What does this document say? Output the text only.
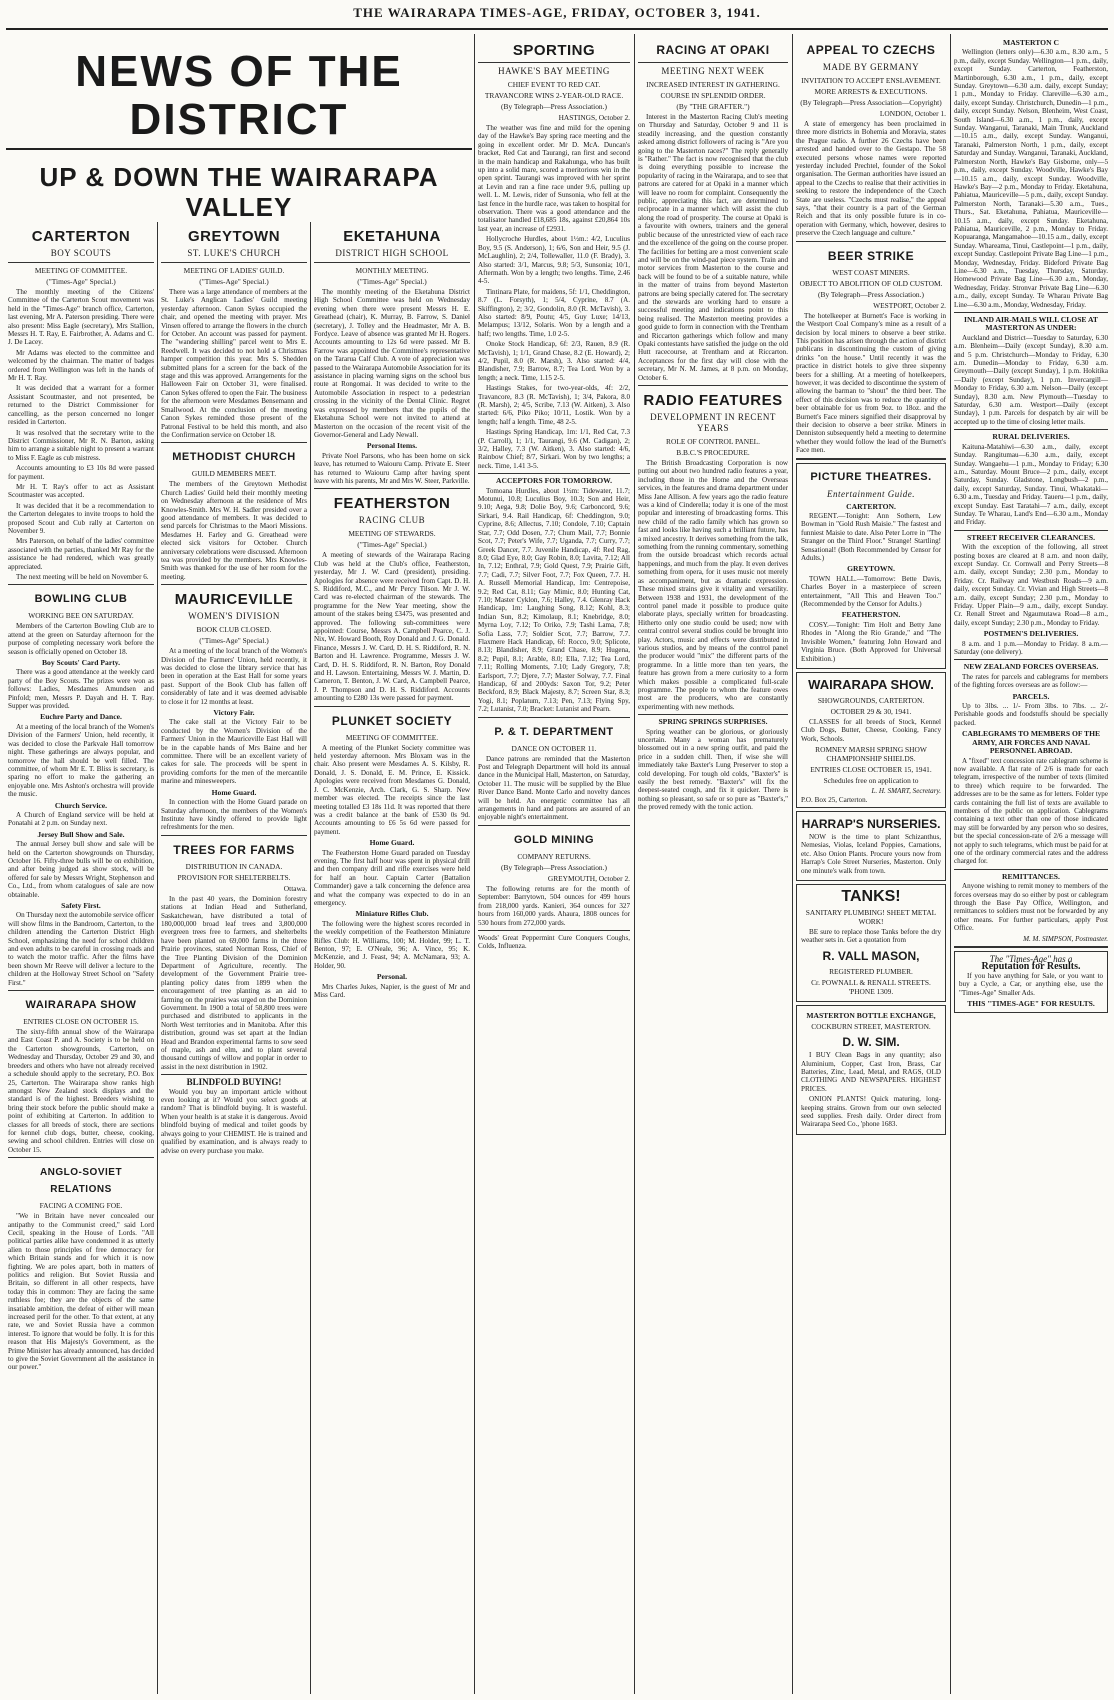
THE WAIRARAPA TIMES-AGE, FRIDAY, OCTOBER 3, 1941.
NEWS OF THE DISTRICT
UP & DOWN THE WAIRARAPA VALLEY
CARTERTON
BOY SCOUTS
MEETING OF COMMITTEE.
("Times-Age" Special.)

The monthly meeting of the Citizens' Committee of the Carterton Scout movement was held in the "Times-Age" branch office, Carterton, last evening, Mr A. Paterson presiding. There were also present: Miss Eagle (secretary), Mrs Stallion, Messrs H. T. Ray, E. Fairbrother, A. Adams and C. J. De Lacey.

Mr Adams was elected to the committee and welcomed by the chairman. The matter of badges ordered from Wellington was left in the hands of Mr H. T. Ray.

It was decided that a warrant for a former Assistant Scoutmaster, and not presented, be returned to the District Commissioner for cancelling, as the person concerned no longer resided in Carterton.

It was resolved that the secretary write to the District Commissioner, Mr R. N. Barton, asking him to arrange a suitable night to present a warrant to Miss F. Eagle as cub mistress.

Accounts amounting to £3 10s 8d were passed for payment.

Mr H. T. Ray's offer to act as Assistant Scoutmaster was accepted.

It was decided that it be a recommendation to the Carterton delegates to invite troops to hold the proposed Scout and Cub rally at Carterton on November 9.

Mrs Paterson, on behalf of the ladies' committee associated with the parties, thanked Mr Ray for the assistance he had rendered, which was greatly appreciated.

The next meeting will be held on November 6.

BOWLING CLUB
WORKING BEE ON SATURDAY.

Members of the Carterton Bowling Club are to attend at the green on Saturday afternoon for the purpose of completing necessary work before the season is officially opened on October 18.

Boy Scouts' Card Party.

There was a good attendance at the weekly card party of the Boy Scouts. The prizes were won as follows: Ladies, Mesdames Amundsen and Pinfold; men, Messrs P. Dayah and H. T. Ray. Supper was provided.

Euchre Party and Dance.

At a meeting of the local branch of the Women's Division of the Farmers' Union, held recently, it was decided to close the Parkvale Hall tomorrow night. These gatherings are always popular, and tomorrow the hall should be well filled. The committee, of whom Mr E. T. Bliss is secretary, is sparing no effort to make the gathering an enjoyable one. Mrs Ashton's orchestra will provide the music.

Church Service.

A Church of England service will be held at Ponatahi at 2 p.m. on Sunday next.

Jersey Bull Show and Sale.

The annual Jersey bull show and sale will be held on the Carterton showgrounds on Thursday, October 16. Fifty-three bulls will be on exhibition, and after being judged as show stock, will be offered for sale by Messrs Wright, Stephenson and Co., Ltd., from whom catalogues of sale are now obtainable.

Safety First.

On Thursday next the automobile service officer will show films in the Bandroom, Carterton, to the children attending the Carterton District High School, emphasizing the need for school children and even adults to be careful in crossing roads and to watch the motor traffic. After the films have been shown Mr Reeve will deliver a lecture to the children at the Holloway Street School on "Safety First."

WAIRARAPA SHOW
ENTRIES CLOSE ON OCTOBER 15.

The sixty-fifth annual show of the Wairarapa and East Coast P. and A. Society is to be held on the Carterton showgrounds, Carterton, on Wednesday and Thursday, October 29 and 30, and breeders and others who have not already received a schedule should apply to the secretary, P.O. Box 25, Carterton. The Wairarapa show ranks high amongst New Zealand stock displays and the standard is of the highest. Breeders wishing to bring their stock before the public should make a point of exhibiting at Carterton. In addition to classes for all breeds of stock, there are sections for kennel club dogs, butter, cheese, cooking, sewing and school children. Entries will close on October 15.

ANGLO-SOVIET RELATIONS
FACING A COMING FOE.

"We in Britain have never concealed our antipathy to the Communist creed," said Lord Cecil, speaking in the House of Lords. "All political parties alike have condemned it as utterly alien to those principles of free democracy for which Britain stands and for which it is now fighting. We are poles apart, both in matters of politics and religion. But Soviet Russia and Britain, so different in all other respects, have today this in common: They are facing the same ruthless foe; they are the objects of the same insatiable ambition, the defeat of either will mean increased peril for the other. To that extent, at any rate, we and Soviet Russia have a common interest. To ignore that would be folly. It is for this reason that His Majesty's Government, as the Prime Minister has already announced, has decided to give the Soviet Government all the assistance in our power."

GREYTOWN
ST. LUKE'S CHURCH
MEETING OF LADIES' GUILD.
("Times-Age" Special.)

There was a large attendance of members at the St. Luke's Anglican Ladies' Guild meeting yesterday afternoon. Canon Sykes occupied the chair, and opened the meeting with prayer. Mrs Vinsen offered to arrange the flowers in the church for October. An account was passed for payment. The "wandering shilling" parcel went to Mrs E. Reedwell. It was decided to not hold a Christmas hamper competition this year. Mrs S. Shedden submitted plans for a screen for the back of the stage and this was approved. Arrangements for the Halloween Fair on October 31, were finalised. Canon Sykes offered to open the Fair. The business for the afternoon were Mesdames Bensemann and Smallwood. At the conclusion of the meeting Canon Sykes reminded those present of the Patronal Festival to be held this month, and also the Confirmation service on October 18.

METHODIST CHURCH
GUILD MEMBERS MEET.

The members of the Greytown Methodist Church Ladies' Guild held their monthly meeting on Wednesday afternoon at the residence of Mrs Knowles-Smith. Mrs W. H. Sadler presided over a good attendance of members. It was decided to send parcels for Christmas to the Maori Missions. Mesdames H. Farley and G. Greathead were elected sick visitors for October. Church anniversary celebrations were discussed. Afternoon tea was provided by the members. Mrs Knowles-Smith was thanked for the use of her room for the meeting.

MAURICEVILLE
WOMEN'S DIVISION
BOOK CLUB CLOSED.
("Times-Age" Special.)

At a meeting of the local branch of the Women's Division of the Farmers' Union, held recently, it was decided to close the library service that has been in operation at the East Hall for some years past. Support of the Book Club has fallen off considerably of late and it was deemed advisable to close it for 12 months at least.

Victory Fair.

The cake stall at the Victory Fair to be conducted by the Women's Division of the Farmers' Union in the Mauriceville East Hall will be in the capable hands of Mrs Baine and her committee. There will be an excellent variety of cakes for sale. The proceeds will be spent in providing comforts for the men of the mercantile marine and minesweepers.

Home Guard.

In connection with the Home Guard parade on Saturday afternoon, the members of the Women's Institute have kindly offered to provide light refreshments for the men.

TREES FOR FARMS
DISTRIBUTION IN CANADA.
PROVISION FOR SHELTERBELTS.
Ottawa.

In the past 40 years, the Dominion forestry stations at Indian Head and Sutherland, Saskatchewan, have distributed a total of 180,000,000 broad leaf trees and 3,800,000 evergreen trees free to farmers, and shelterbelts have been planted on 69,000 farms in the three Prairie provinces, stated Norman Ross, Chief of the Tree Planting Division of the Dominion Department of Agriculture, recently. The development of the Government Prairie tree-planting policy dates from 1899 when the encouragement of tree planting as an aid to farming on the prairies was urged on the Dominion Government. In 1900 a total of 58,800 trees were purchased and distributed to applicants in the North West territories and in Manitoba. After this distribution, ground was set apart at the Indian Head and Brandon experimental farms to sow seed of maple, ash and elm, and to plant several thousand cuttings of willow and poplar in order to assist in the next distribution in 1902.

BLINDFOLD BUYING!

Would you buy an important article without even looking at it? Would you select goods at random? That is blindfold buying. It is wasteful. When your health is at stake it is dangerous. Avoid blindfold buying of medical and toilet goods by always going to your CHEMIST. He is trained and qualified by examination, and is always ready to advise on every purchase you make.

EKETAHUNA
DISTRICT HIGH SCHOOL
MONTHLY MEETING.
("Times-Age" Special.)

The monthly meeting of the Eketahuna District High School Committee was held on Wednesday evening when there were present Messrs H. E. Greathead (chair), K. Murray, B. Farrow, S. Daniel (secretary), J. Tolley and the Headmaster, Mr A. B. Fordyce. Leave of absence was granted Mr H. Rogers. Accounts amounting to 12s 6d were passed. Mr B. Farrow was appointed the Committee's representative on the Tararua Calf Club. A vote of appreciation was passed to the Wairarapa Automobile Association for its assistance in placing warning signs on the school bus route at Rongomai. It was decided to write to the Automobile Association in respect to a pedestrian crossing in the vicinity of the Dental Clinic. Regret was expressed by members that the pupils of the Eketahuna School were not invited to attend at Masterton on the occasion of the recent visit of the Governor-General and Lady Newall.

Personal Items.

Private Noel Parsons, who has been home on sick leave, has returned to Waiouru Camp. Private E. Steer has returned to Waiouru Camp after having spent leave with his parents, Mr and Mrs W. Steer, Parkville.

FEATHERSTON
RACING CLUB
MEETING OF STEWARDS.
("Times-Age" Special.)

A meeting of stewards of the Wairarapa Racing Club was held at the Club's office, Featherston, yesterday, Mr J. W. Card (president), presiding. Apologies for absence were received from Capt. D. H. S. Riddiford, M.C., and Mr Percy Tilson. Mr J. W. Card was re-elected chairman of the stewards. The programme for the New Year meeting, show the amount of the stakes being £3475, was presented and approved. The following sub-committees were appointed: Course, Messrs A. Campbell Pearce, C. J. Nix, W. Howard Booth, Roy Donald and J. G. Donald. Finance, Messrs J. W. Card, D. H. S. Riddiford, R. N. Barton and H. Lawrence. Programme, Messrs J. W. Card, D. H. S. Riddiford, R. N. Barton, Roy Donald and H. Lawson. Entertaining, Messrs W. J. Martin, D. Cameron, T. Benton, J. W. Card, A. Campbell Pearce, J. P. Thompson and D. H. S. Riddiford. Accounts amounting to £280 13s were passed for payment.

PLUNKET SOCIETY
MEETING OF COMMITTEE.

A meeting of the Plunket Society committee was held yesterday afternoon. Mrs Bloxam was in the chair. Also present were Mesdames A. S. Kilsby, R. Donald, J. S. Donald, E. M. Prince, E. Kissick. Apologies were received from Mesdames G. Donald, J. C. McKenzie, Arch. Clark, G. S. Sharp. New member was elected. The receipts since the last meeting totalled £3 18s 11d. It was reported that there was a credit balance at the bank of £530 0s 9d. Accounts amounting to £6 5s 6d were passed for payment.

Home Guard.

The Featherston Home Guard paraded on Tuesday evening. The first half hour was spent in physical drill and then company drill and rifle exercises were held for half an hour. Captain Carter (Battalion Commander) gave a talk concerning the defence area and what the company was expected to do in an emergency.

Miniature Rifles Club.

The following were the highest scores recorded in the weekly competition of the Featherston Miniature Rifles Club: H. Williams, 100; M. Holder, 99; L. T. Benton, 97; E. O'Neale, 96; A. Vince, 95; K. McKenzie, and J. Feast, 94; A. McNamara, 93; A. Holder, 90.

Personal.

Mrs Charles Jukes, Napier, is the guest of Mr and Miss Card.

SPORTING
HAWKE'S BAY MEETING
CHIEF EVENT TO RED CAT.
TRAVANCORE WINS 2-YEAR-OLD RACE.
(By Telegraph—Press Association.)
HASTINGS, October 2.

The weather was fine and mild for the opening day of the Hawke's Bay spring race meeting and the going in excellent order. Mr D. McA. Duncan's bracket, Red Cat and Taurangi, ran first and second in the main handicap and Rakahunga, who has built up into a solid mare, scored a meritorious win in the open sprint. Taurangi was improved with her sprint at Levin and ran a fine race under 9.6, pulling up well. L. M. Lewis, rider of Sunsonia, who fell at the last fence in the hurdle race, was taken to hospital for observation. There was a good attendance and the totalisator handled £18,685 18s, against £20,864 10s last year, an increase of £2931.

Hollycroche Hurdles, about 1½m.: 4/2, Luculius Boy, 9.5 (S. Anderson), 1; 6/6, Son and Heir, 9.5 (J. McLaughlin), 2; 2/4, Tollewaller, 11.0 (F. Brady), 3. Also started: 3/1, Marcus, 9.8; 5/3, Sunsonia; 10/1, Aftermath. Won by a length; two lengths. Time, 2.46 4-5.

Tintinara Plate, for maidens, 5f: 1/1, Cheddington, 8.7 (L. Forsyth), 1; 5/4, Cyprine, 8.7 (A. Skiffington), 2; 3/2, Gondolin, 8.0 (R. McTavish), 3. Also started: 8/9, Poutu; 4/5, Guy Luxe; 14/13, Melampus; 13/12, Solaris. Won by a length and a half; two lengths. Time, 1.0 2-5.

Onoke Stock Handicap, 6f: 2/3, Rauen, 8.9 (R. McTavish), 1; 1/1, Grand Chase, 8.2 (E. Howard), 2; 4/2, Pupil, 8.0 (R. Marsh), 3. Also started: 4/4, Blandisher, 7.9; Barrow, 8.7; Tea Lord. Won by a length; a neck. Time, 1.15 2-5.

Hastings Stakes, for two-year-olds, 4f: 2/2, Travancore, 8.3 (R. McTavish), 1; 3/4, Pakora, 8.0 (R. Marsh), 2; 4/5, Scribe, 7.13 (W. Aitken), 3. Also started: 6/6, Piko Piko; 10/11, Lostik. Won by a length; half a length. Time, 48 2-5.

Hastings Spring Handicap, 1m: 1/1, Red Cat, 7.3 (P. Carroll), 1; 1/1, Taurangi, 9.6 (M. Cadigan), 2; 3/2, Halley, 7.3 (W. Aitken), 3. Also started: 4/6, Rainbow Chief; 8/7, Sirkari. Won by two lengths; a neck. Time, 1.41 3-5.

ACCEPTORS FOR TOMORROW.

Tomoana Hurdles, about 1½m: Tidewater, 11.7; Motunui, 10.8; Luculius Boy, 10.3; Son and Heir, 9.10; Aega, 9.8; Dolie Boy, 9.6; Carboncord, 9.6; Sirkari, 9.4. Rail Handicap, 6f: Cheddington, 9.0; Cyprine, 8.6; Allectus, 7.10; Condole, 7.10; Captain Star, 7.7; Odd Dosen, 7.7; Chum Mail, 7.7; Bonnie Scot, 7.7; Peter's Wife, 7.7; Uganda, 7.7; Curry, 7.7; Greek Dancer, 7.7. Juvenile Handicap, 4f: Red Rag, 8.0; Glad Eye, 8.0; Gay Robin, 8.0; Lavita, 7.12; All In, 7.12; Enthral, 7.9; Gold Quest, 7.9; Prairie Gift, 7.7; Cadi, 7.7; Silver Foot, 7.7; Fox Queen, 7.7. H. A. Russell Memorial Handicap, 1m: Centrepoise, 9.2; Red Cat, 8.11; Gay Mimic, 8.0; Hunting Cat, 7.10; Master Cyklon, 7.6; Halley, 7.4. Glenray Hack Handicap, 1m: Laughing Song, 8.12; Kohl, 8.3; Indian Sun, 8.2; Kimolaup, 8.1; Knebridge, 8.0; Myrna Loy, 7.12; To Oriko, 7.9; Tashi Lama, 7.8; Sofia Lass, 7.7; Soldier Scot, 7.7; Barrow, 7.7. Flaxmere Hack Handicap, 6f: Rocco, 9.0; Splicote, 8.13; Blandisher, 8.9; Grand Chase, 8.9; Hugena, 8.2; Pupil, 8.1; Arable, 8.0; Ella, 7.12; Tea Lord, 7.11; Rolling Moments, 7.10; Lady Gregory, 7.8; Earlsport, 7.7; Djere, 7.7; Master Solway, 7.7. Final Handicap, 6f and 200yds: Saxon Tor, 9.2; Peter Beckford, 8.9; Black Majesty, 8.7; Screen Star, 8.3; Yogi, 8.1; Poplatum, 7.13; Pen, 7.13; Flying Spy, 7.2; Lutanist, 7.0; Bracket: Lutanist and Pearn.

P. & T. DEPARTMENT
DANCE ON OCTOBER 11.

Dance patrons are reminded that the Masterton Post and Telegraph Department will hold its annual dance in the Municipal Hall, Masterton, on Saturday, October 11. The music will be supplied by the Blue River Dance Band. Monte Carlo and novelty dances will be held. An energetic committee has all arrangements in hand and patrons are assured of an enjoyable night's entertainment.

GOLD MINING
COMPANY RETURNS.
(By Telegraph—Press Association.)
GREYMOUTH, October 2.

The following returns are for the month of September: Barrytown, 504 ounces for 499 hours from 218,000 yards. Kanieri, 364 ounces for 327 hours from 160,000 yards. Ahaura, 1808 ounces for 530 hours from 272,000 yards.

Woods' Great Peppermint Cure Conquers Coughs, Colds, Influenza.

RACING AT OPAKI
MEETING NEXT WEEK
INCREASED INTEREST IN GATHERING.
COURSE IN SPLENDID ORDER.
(By "THE GRAFTER.")

Interest in the Masterton Racing Club's meeting on Thursday and Saturday, October 9 and 11 is steadily increasing, and the question constantly asked among district followers of racing is "Are you going to the Masterton races?" The reply generally is "Rather." The fact is now recognised that the club is doing everything possible to increase the popularity of racing in the Wairarapa, and to see that patrons are catered for at Opaki in a manner which will leave no room for complaint. Consequently the public, appreciating this fact, are determined to reciprocate in a manner which will assist the club along the road of prosperity. The course at Opaki is a favourite with owners, trainers and the general public because of the unrestricted view of each race and the excellence of the going on the course proper. The facilities for betting are a most convenient scale and will be on the wind-pad piece system. Train and motor services from Masterton to the course and back will be found to be of a suitable nature, while in the matter of trains from beyond Masterton patrons are being specially catered for. The secretary and the stewards are working hard to ensure a successful meeting and indications point to this being realised. The Masterton meeting provides a good guide to form in connection with the Trentham and Riccarton gatherings which follow and many Opaki contestants have satisfied the judge on the old Hutt racecourse, at Trentham and at Riccarton. Acceptances for the first day will close with the secretary, Mr N. M. James, at 8 p.m. on Monday, October 6.

RADIO FEATURES
DEVELOPMENT IN RECENT YEARS
ROLE OF CONTROL PANEL.
B.B.C.'S PROCEDURE.

The British Broadcasting Corporation is now putting out about two hundred radio features a year, including those in the Home and the Overseas services, in the features and drama department under Miss Jane Allison. A few years ago the radio feature was a kind of Cinderella; today it is one of the most popular and interesting of broadcasting forms. This new child of the radio family which has grown so fast and looks like having such a brilliant future, has a mixed ancestry. It derives something from the talk, something from the running commentary, something from the outside broadcast which records actual happenings, and much from the play. It even derives something from opera, for it uses music not merely as accompaniment, but as dramatic expression. These mixed strains give it vitality and versatility. Between 1938 and 1931, the development of the control panel made it possible to produce quite elaborate plays, specially written for broadcasting. Hitherto only one studio could be used; now with central control several studios could be brought into play. Actors, music and effects were distributed in various studios, and by means of the control panel the producer would "mix" the different parts of the programme. In a little more than ten years, the feature has grown from a mere curiosity to a form which makes possible a complicated full-scale programme. The people to whom the feature owes most are the producers, who are constantly experimenting with new methods.

SPRING SPRINGS SURPRISES.

Spring weather can be glorious, or gloriously uncertain. Many a woman has prematurely blossomed out in a new spring outfit, and paid the price in a sudden chill. Then, if wise she will immediately take Baxter's Lung Preserver to stop a cold developing. For tough old colds, "Baxter's" is easily the best remedy. "Baxter's" will fix the deepest-seated cough, and fix it quicker. There is nothing so pleasant, so safe or so pure as "Baxter's," the proved remedy with the tonic action.

APPEAL TO CZECHS
MADE BY GERMANY
INVITATION TO ACCEPT ENSLAVEMENT.
MORE ARRESTS & EXECUTIONS.
(By Telegraph—Press Association—Copyright)
LONDON, October 1.

A state of emergency has been proclaimed in three more districts in Bohemia and Moravia, states the Prague radio. A further 26 Czechs have been arrested and handed over to the Gestapo. The 58 executed persons whose names were reported yesterday included Prechtel, founder of the Sokol organisation. The German authorities have issued an appeal to the Czechs to realise that their activities in seeking to restore the independence of the Czech State are useless. "Czechs must realise," the appeal says, "that their country is a part of the German Reich and that its only possible future is in co-operation with Germany, which, however, desires to preserve the Czech language and culture."

BEER STRIKE
WEST COAST MINERS.
OBJECT TO ABOLITION OF OLD CUSTOM.
(By Telegraph—Press Association.)
WESTPORT, October 2.

The hotelkeeper at Burnett's Face is working in the Westport Coal Company's mine as a result of a decision by local miners to observe a beer strike. This position has arisen through the action of district publicans in discontinuing the custom of giving drinks "on the house." Until recently it was the practice in district hotels to give three sixpenny beers for a shilling. At a meeting of hotelkeepers, however, it was decided to discontinue the system of allowing the barman to "shout" the third beer. The effect of this decision was to reduce the quantity of beer obtainable for us from 9oz. to 18oz. and the Burnett's Face miners signified their disapproval by their decision to observe a beer strike. Miners in Denniston subsequently held a meeting to determine whether they would follow the lead of the Burnett's Face men.

PICTURE THEATRES.
Entertainment Guide.
CARTERTON.

REGENT.—Tonight: Ann Sothern, Lew Bowman in "Gold Rush Maisie." The fastest and funniest Maisie to date. Also Peter Lorre in "The Stranger on the Third Floor." Strange! Startling! Sensational! (Both Recommended by Censor for Adults.)

GREYTOWN.

TOWN HALL.—Tomorrow: Bette Davis, Charles Boyer in a masterpiece of screen entertainment, "All This and Heaven Too." (Recommended by the Censor for Adults.)

FEATHERSTON.

COSY.—Tonight: Tim Holt and Betty Jane Rhodes in "Along the Rio Grande," and "The Invisible Women," featuring John Howard and Virginia Bruce. (Both Approved for Universal Exhibition.)

WAIRARAPA SHOW.
SHOWGROUNDS, CARTERTON.
OCTOBER 29 & 30, 1941.

CLASSES for all breeds of Stock, Kennel Club Dogs, Butter, Cheese, Cooking, Fancy Work, Schools.

ROMNEY MARSH SPRING SHOW CHAMPIONSHIP SHIELDS.
ENTRIES CLOSE OCTOBER 15, 1941.
Schedules free on application to
L. H. SMART, Secretary.
P.O. Box 25, Carterton.
HARRAP'S NURSERIES.

NOW is the time to plant Schizanthus, Nemesias, Violas, Iceland Poppies, Carnations, etc. Also Onion Plants. Procure yours now from Harrap's Cole Street Nurseries, Masterton. Only one minute's walk from town.

TANKS!
SANITARY PLUMBING! SHEET METAL WORK!

BE sure to replace those Tanks before the dry weather sets in. Get a quotation from

R. VALL MASON,
REGISTERED PLUMBER.
Cr. POWNALL & RENALL STREETS. 'PHONE 1309.
MASTERTON BOTTLE EXCHANGE,
COCKBURN STREET, MASTERTON.
D. W. SIM.

I BUY Clean Bags in any quantity; also Aluminium, Copper, Cast Iron, Brass, Car Batteries, Zinc, Lead, Metal, and RAGS, OLD CLOTHING AND NEWSPAPERS. HIGHEST PRICES.

ONION PLANTS! Quick maturing, long-keeping strains. Grown from our own selected seed supplies. Fresh daily. Order direct from Wairarapa Seed Co., 'phone 1683.

MASTERTON C

Wellington (letters only)—6.30 a.m., 8.30 a.m., 5 p.m., daily, except Sunday. Wellington—1 p.m., daily, except Sunday. Carterton, Featherston, Martinborough, 6.30 a.m., 1 p.m., daily, except Sunday. Greytown—6.30 a.m. daily, except Sunday; 1 p.m., Monday to Friday. Clareville—6.30 a.m., daily, except Sunday. Christchurch, Dunedin—1 p.m., daily, except Sunday. Nelson, Blenheim, West Coast, South Island—6.30 a.m., 1 p.m., daily, except Sunday. Wanganui, Taranaki, Main Trunk, Auckland—10.15 a.m., daily, except Sunday. Wanganui, Taranaki, Palmerston North, 1 p.m., daily, except Saturday and Sunday. Wanganui, Taranaki, Auckland, Palmerston North, Hawke's Bay Gisborne, only—5 p.m., daily, except Sunday. Woodville, Hawke's Bay—10.15 a.m., daily, except Sunday. Woodville, Hawke's Bay—2 p.m., Monday to Friday. Eketahuna, Pahiatua, Mauriceville—5 p.m., daily, except Sunday. Palmerston North, Taranaki—5.30 a.m., Tues., Thurs., Sat. Eketahuna, Pahiatua, Mauriceville—10.15 a.m., daily, except Sunday. Eketahuna, Pahiatua, Mauriceville, 2 p.m., Monday to Friday. Kopuaranga, Mangamahoe—10.15 a.m., daily, except Sunday. Whareama, Tinui, Castlepoint—1 p.m., daily, except Sunday. Castlepoint Private Bag Line—1 p.m., Monday, Wednesday, Friday. Bideford Private Bag Line—6.30 a.m., Tuesday, Thursday, Saturday. Homewood Private Bag Line—6.30 a.m., Monday, Wednesday, Friday. Stronvar Private Bag Line—6.30 a.m., daily, except Sunday. Te Wharau Private Bag Line—6.30 a.m., Monday, Wednesday, Friday.

INLAND AIR-MAILS WILL CLOSE AT MASTERTON AS UNDER:

Auckland and District—Tuesday to Saturday, 6.30 a.m. Blenheim—Daily (except Sunday), 8.30 a.m. and 5 p.m. Christchurch—Monday to Friday, 6.30 a.m. Dunedin—Monday to Friday, 6.30 a.m. Greymouth—Daily (except Sunday), 1 p.m. Hokitika—Daily (except Sunday), 1 p.m. Invercargill—Monday to Friday, 6.30 a.m. Nelson—Daily (except Sunday), 8.30 a.m. New Plymouth—Tuesday to Saturday, 6.30 a.m. Westport—Daily (except Sunday), 1 p.m. Parcels for despatch by air will be accepted up to the time of closing letter mails.

RURAL DELIVERIES.

Kaituna-Matahiwi—6.30 a.m., daily, except Sunday. Rangitumau—6.30 a.m., daily, except Sunday. Wangaehu—1 p.m., Monday to Friday; 6.30 a.m., Saturday. Mount Bruce—2 p.m., daily, except Saturday, Sunday. Gladstone, Longbush—2 p.m., daily, except Saturday, Sunday. Tinui, Whakataki—6.30 a.m., Tuesday and Friday. Taueru—1 p.m., daily, except Sunday. East Taratahi—7 a.m., daily, except Sunday. Te Wharau, Land's End—6.30 a.m., Monday and Friday.

STREET RECEIVER CLEARANCES.

With the exception of the following, all street posting boxes are cleared at 8 a.m. and noon daily, except Sunday. Cr. Cornwall and Perry Streets—8 a.m. daily, except Sunday; 2.30 p.m., Monday to Friday. Cr. Railway and Westbush Roads—9 a.m. daily, except Sunday. Cr. Vivian and High Streets—8 a.m. daily, except Sunday; 2.30 p.m., Monday to Friday. Upper Plain—9 a.m., daily, except Sunday. Cr. Renall Street and Ngaumutawa Road—8 a.m., daily, except Sunday; 2.30 p.m., Monday to Friday.

POSTMEN'S DELIVERIES.

8 a.m. and 1 p.m.—Monday to Friday. 8 a.m.—Saturday (one delivery).

NEW ZEALAND FORCES OVERSEAS.

The rates for parcels and cablegrams for members of the fighting forces overseas are as follow:—

PARCELS.

Up to 3lbs. ... 1/- From 3lbs. to 7lbs. ... 2/- Perishable goods and foodstuffs should be specially packed.

CABLEGRAMS TO MEMBERS OF THE ARMY, AIR FORCES AND NAVAL PERSONNEL ABROAD.

A "fixed" text concession rate cablegram scheme is now available. A flat rate of 2/6 is made for each telegram, irrespective of the number of texts (limited to three) which require to be forwarded. The addresses are to be the same as for letters. Folder type cards containing the full list of texts are available to members of the public on application. Cablegrams containing a text other than one of those indicated may still be forwarded by any person who so desires, but the special concession-rate of 2/6 a message will not apply to such telegrams, which must be paid for at one of the ordinary commercial rates and the address charged for.

REMITTANCES.

Anyone wishing to remit money to members of the forces overseas may do so either by post or cablegram through the Base Pay Office, Wellington, and remittances to soldiers must not be forwarded by any other means. For further particulars, apply Post Office.

M. M. SIMPSON, Postmaster.
The "Times-Age" has a
Reputation for Results.

If you have anything for Sale, or you want to buy a Cycle, a Car, or anything else, use the "Times-Age" Smaller Ads.

THIS "TIMES-AGE" FOR RESULTS.
